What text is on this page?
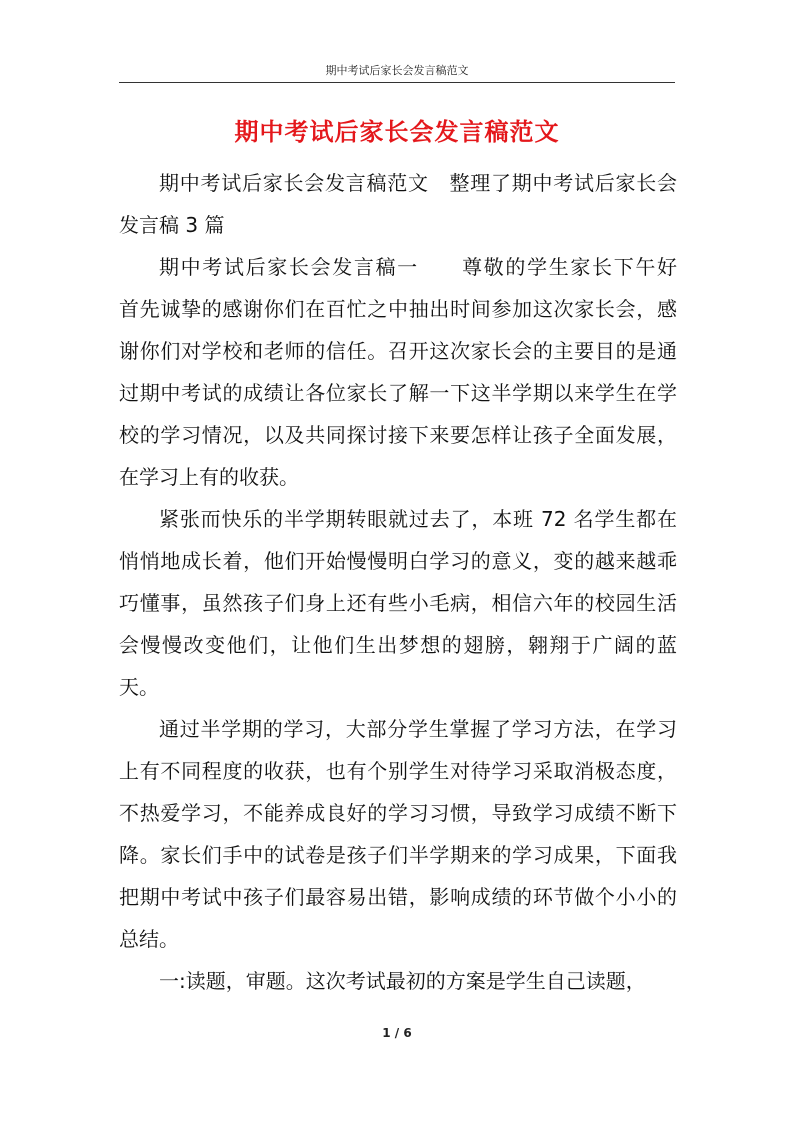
期中考试后家长会发言稿范文
期中考试后家长会发言稿范文

期中考试后家长会发言稿范文　整理了期中考试后家长会发言稿 3 篇

期中考试后家长会发言稿一　　尊敬的学生家长下午好　　首先诚挚的感谢你们在百忙之中抽出时间参加这次家长会，感谢你们对学校和老师的信任。召开这次家长会的主要目的是通过期中考试的成绩让各位家长了解一下这半学期以来学生在学校的学习情况，以及共同探讨接下来要怎样让孩子全面发展，在学习上有的收获。

紧张而快乐的半学期转眼就过去了，本班 72 名学生都在悄悄地成长着，他们开始慢慢明白学习的意义，变的越来越乖巧懂事，虽然孩子们身上还有些小毛病，相信六年的校园生活会慢慢改变他们，让他们生出梦想的翅膀，翱翔于广阔的蓝天。

通过半学期的学习，大部分学生掌握了学习方法，在学习上有不同程度的收获，也有个别学生对待学习采取消极态度，不热爱学习，不能养成良好的学习习惯，导致学习成绩不断下降。家长们手中的试卷是孩子们半学期来的学习成果，下面我把期中考试中孩子们最容易出错，影响成绩的环节做个小小的总结。

一:读题，审题。这次考试最初的方案是学生自己读题，

1 / 6
